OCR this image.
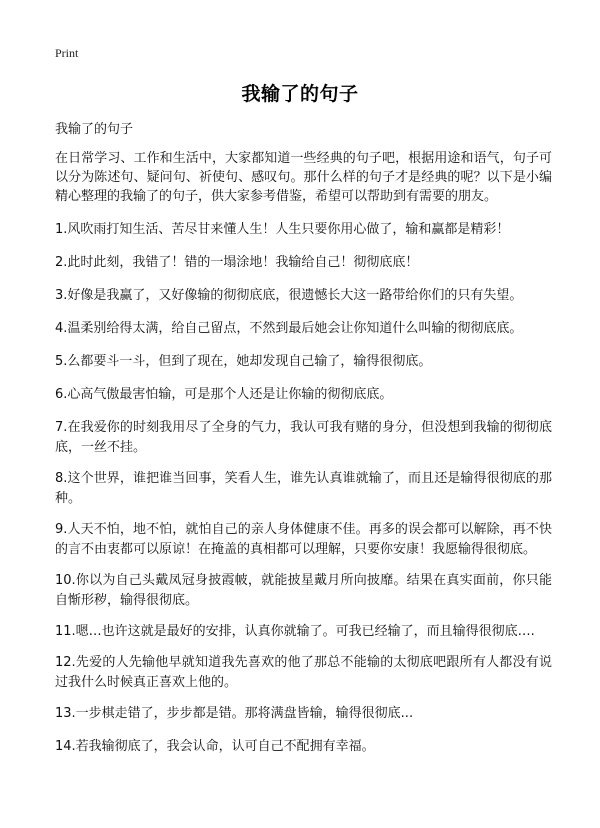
Print
我输了的句子

我输了的句子

在日常学习、工作和生活中，大家都知道一些经典的句子吧，根据用途和语气，句子可以分为陈述句、疑问句、祈使句、感叹句。那什么样的句子才是经典的呢？以下是小编精心整理的我输了的句子，供大家参考借鉴，希望可以帮助到有需要的朋友。

1.风吹雨打知生活、苦尽甘来懂人生！人生只要你用心做了，输和赢都是精彩！
2.此时此刻，我错了！错的一塌涂地！我输给自己！彻彻底底！
3.好像是我赢了，又好像输的彻彻底底，很遗憾长大这一路带给你们的只有失望。
4.温柔别给得太满，给自己留点，不然到最后她会让你知道什么叫输的彻彻底底。
5.么都要斗一斗，但到了现在，她却发现自己输了，输得很彻底。
6.心高气傲最害怕输，可是那个人还是让你输的彻彻底底。
7.在我爱你的时刻我用尽了全身的气力，我认可我有赌的身分，但没想到我输的彻彻底底，一丝不挂。
8.这个世界，谁把谁当回事，笑看人生，谁先认真谁就输了，而且还是输得很彻底的那种。
9.人天不怕，地不怕，就怕自己的亲人身体健康不佳。再多的误会都可以解除，再不快的言不由衷都可以原谅！在掩盖的真相都可以理解，只要你安康！我愿输得很彻底。
10.你以为自己头戴凤冠身披霞帔，就能披星戴月所向披靡。结果在真实面前，你只能自惭形秽，输得很彻底。
11.嗯…也许这就是最好的安排，认真你就输了。可我已经输了，而且输得很彻底….
12.先爱的人先输他早就知道我先喜欢的他了那总不能输的太彻底吧跟所有人都没有说过我什么时候真正喜欢上他的。
13.一步棋走错了，步步都是错。那将满盘皆输，输得很彻底...
14.若我输彻底了，我会认命，认可自己不配拥有幸福。
